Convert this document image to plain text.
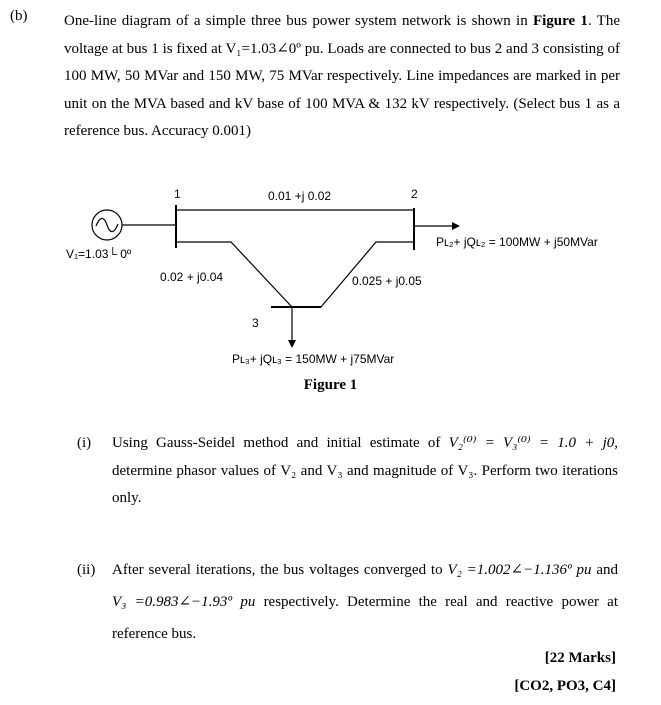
(b) One-line diagram of a simple three bus power system network is shown in Figure 1. The voltage at bus 1 is fixed at V₁=1.03∠0º pu. Loads are connected to bus 2 and 3 consisting of 100 MW, 50 MVar and 150 MW, 75 MVar respectively. Line impedances are marked in per unit on the MVA based and kV base of 100 MVA & 132 kV respectively. (Select bus 1 as a reference bus. Accuracy 0.001)
1	2
3
0.01 +j 0.02
0.02 + j0.04	0.025 + j0.05
V₁=1.03└ 0º
Pʟ₂+ jQʟ₂ = 100MW + j50MVar
Pʟ₃+ jQʟ₃ = 150MW + j75MVar
Figure 1
(i) Using Gauss-Seidel method and initial estimate of V₂⁽⁰⁾ = V₃⁽⁰⁾ = 1.0 + j0, determine phasor values of V₂ and V₃ and magnitude of V₃. Perform two iterations only.
(ii) After several iterations, the bus voltages converged to V₂ =1.002∠−1.136º pu and V₃ =0.983∠−1.93º pu respectively. Determine the real and reactive power at reference bus.
[22 Marks]
[CO2, PO3, C4]
